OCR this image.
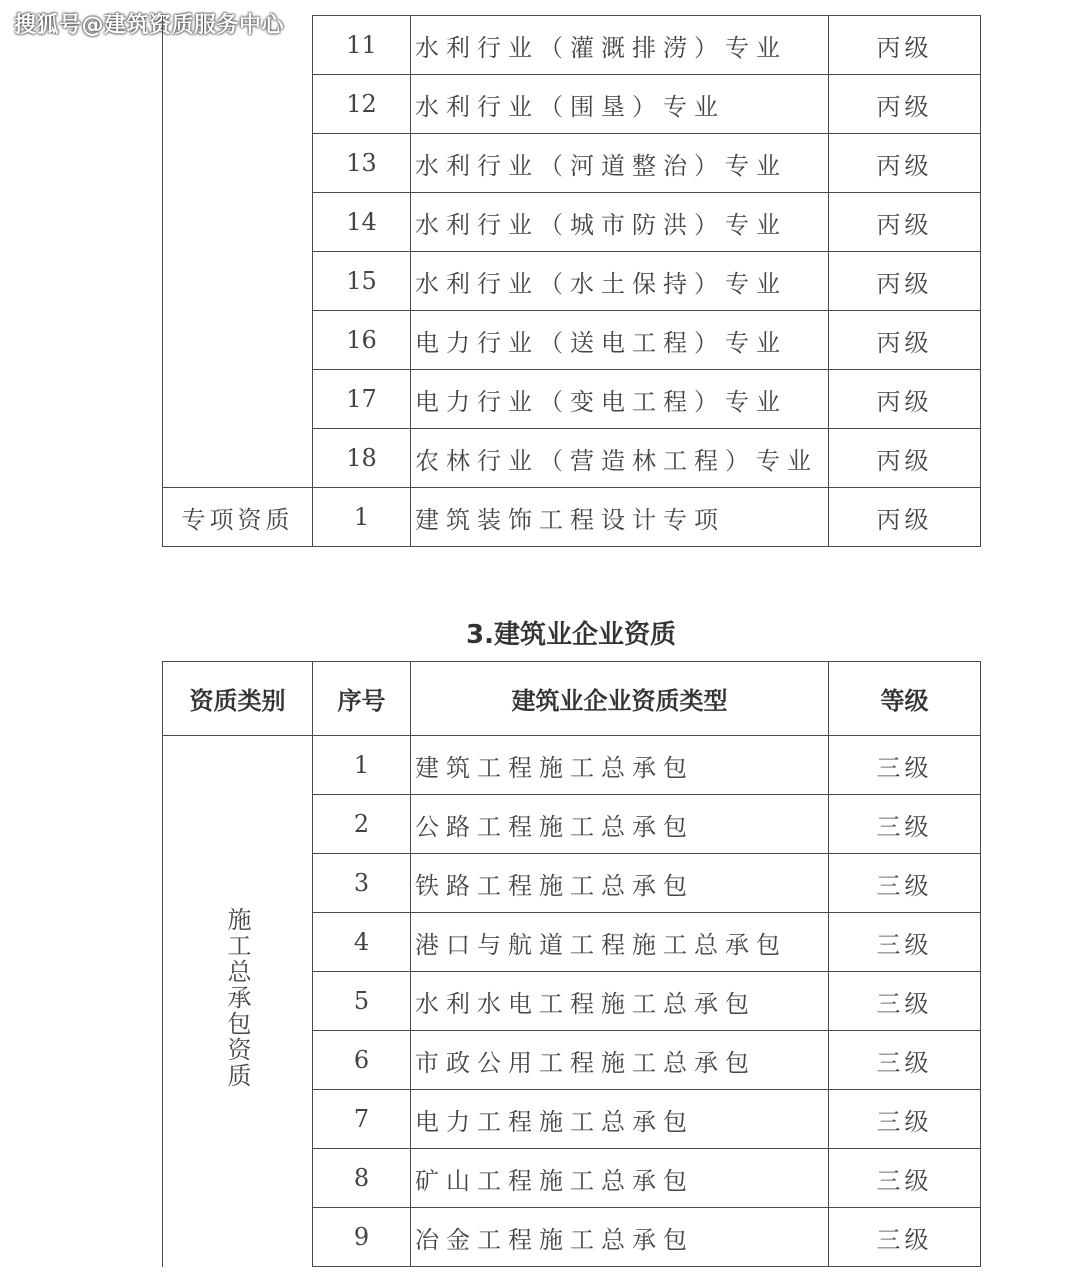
搜狐号@建筑资质服务中心
	11	水利行业（灌溉排涝）专业	丙级
	12	水利行业（围垦）专业	丙级
	13	水利行业（河道整治）专业	丙级
	14	水利行业（城市防洪）专业	丙级
	15	水利行业（水土保持）专业	丙级
	16	电力行业（送电工程）专业	丙级
	17	电力行业（变电工程）专业	丙级
	18	农林行业（营造林工程）专业	丙级
专项资质	1	建筑装饰工程设计专项	丙级
3.建筑业企业资质
资质类别	序号	建筑业企业资质类型	等级
施工总承包资质	1	建筑工程施工总承包	三级
	2	公路工程施工总承包	三级
	3	铁路工程施工总承包	三级
	4	港口与航道工程施工总承包	三级
	5	水利水电工程施工总承包	三级
	6	市政公用工程施工总承包	三级
	7	电力工程施工总承包	三级
	8	矿山工程施工总承包	三级
	9	冶金工程施工总承包	三级
